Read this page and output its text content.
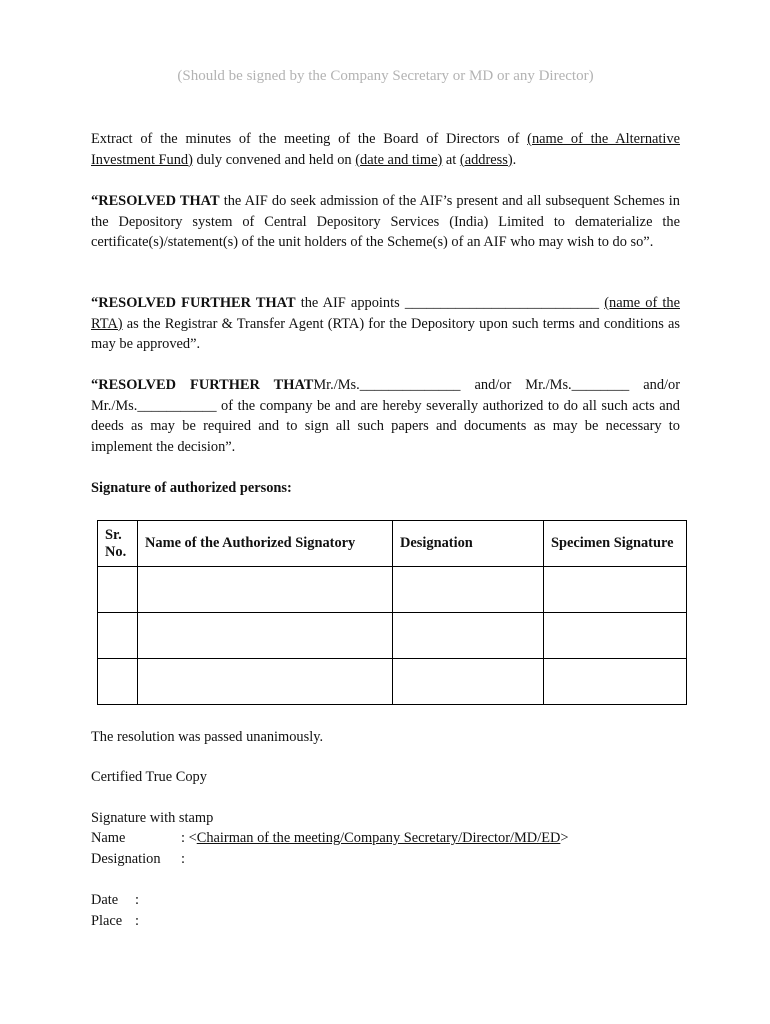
(Should be signed by the Company Secretary or MD or any Director)
Extract of the minutes of the meeting of the Board of Directors of (name of the Alternative Investment Fund) duly convened and held on (date and time) at (address).
“RESOLVED THAT the AIF do seek admission of the AIF’s present and all subsequent Schemes in the Depository system of Central Depository Services (India) Limited to dematerialize the certificate(s)/statement(s) of the unit holders of the Scheme(s) of an AIF who may wish to do so”.
“RESOLVED FURTHER THAT the AIF appoints ___________________________ (name of the RTA) as the Registrar & Transfer Agent (RTA) for the Depository upon such terms and conditions as may be approved”.
“RESOLVED FURTHER THATMr./Ms.______________ and/or Mr./Ms.________ and/or Mr./Ms.___________ of the company be and are hereby severally authorized to do all such acts and deeds as may be required and to sign all such papers and documents as may be necessary to implement the decision”.
Signature of authorized persons:
Sr. No.	Name of the Authorized Signatory	Designation	Specimen Signature

The resolution was passed unanimously.
Certified True Copy
Signature with stamp
Name	: <Chairman of the meeting/Company Secretary/Director/MD/ED>
Designation :
Date :
Place :
